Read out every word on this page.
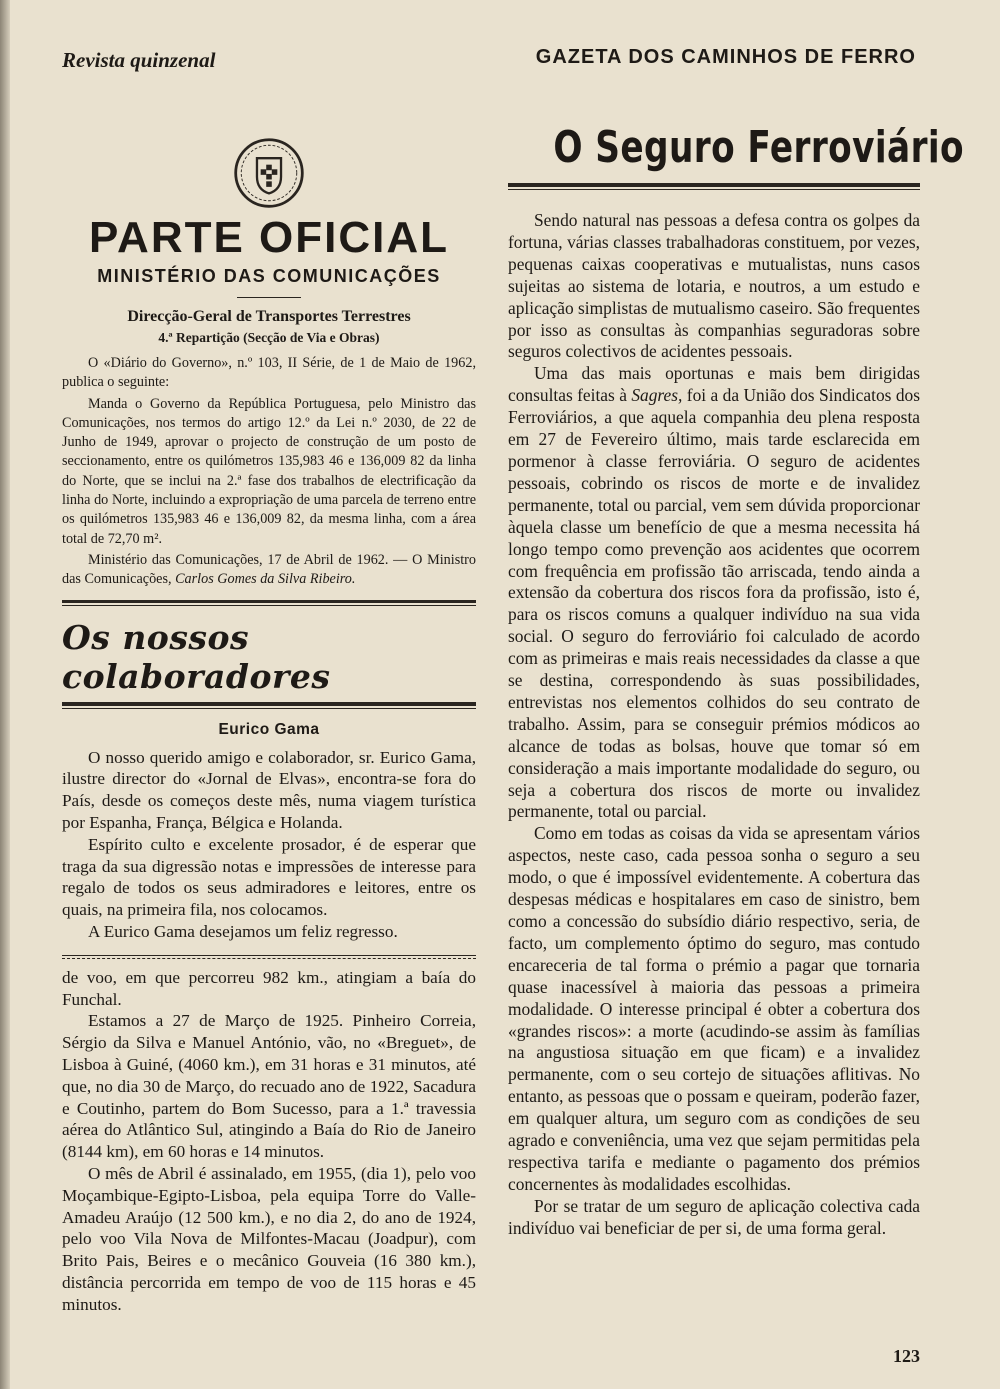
Revista quinzenal	GAZETA DOS CAMINHOS DE FERRO
PARTE OFICIAL
MINISTÉRIO DAS COMUNICAÇÕES
Direcção-Geral de Transportes Terrestres
4.ª Repartição (Secção de Via e Obras)

O «Diário do Governo», n.º 103, II Série, de 1 de Maio de 1962, publica o seguinte:

Manda o Governo da República Portuguesa, pelo Ministro das Comunicações, nos termos do artigo 12.º da Lei n.º 2030, de 22 de Junho de 1949, aprovar o projecto de construção de um posto de seccionamento, entre os quilómetros 135,983 46 e 136,009 82 da linha do Norte, que se inclui na 2.ª fase dos trabalhos de electrificação da linha do Norte, incluindo a expropriação de uma parcela de terreno entre os quilómetros 135,983 46 e 136,009 82, da mesma linha, com a área total de 72,70 m².

Ministério das Comunicações, 17 de Abril de 1962. — O Ministro das Comunicações, Carlos Gomes da Silva Ribeiro.

Os nossos colaboradores
Eurico Gama

O nosso querido amigo e colaborador, sr. Eurico Gama, ilustre director do «Jornal de Elvas», encontra-se fora do País, desde os começos deste mês, numa viagem turística por Espanha, França, Bélgica e Holanda.

Espírito culto e excelente prosador, é de esperar que traga da sua digressão notas e impressões de interesse para regalo de todos os seus admiradores e leitores, entre os quais, na primeira fila, nos colocamos.

A Eurico Gama desejamos um feliz regresso.

de voo, em que percorreu 982 km., atingiam a baía do Funchal.

Estamos a 27 de Março de 1925. Pinheiro Correia, Sérgio da Silva e Manuel António, vão, no «Breguet», de Lisboa à Guiné, (4060 km.), em 31 horas e 31 minutos, até que, no dia 30 de Março, do recuado ano de 1922, Sacadura e Coutinho, partem do Bom Sucesso, para a 1.ª travessia aérea do Atlântico Sul, atingindo a Baía do Rio de Janeiro (8144 km), em 60 horas e 14 minutos.

O mês de Abril é assinalado, em 1955, (dia 1), pelo voo Moçambique-Egipto-Lisboa, pela equipa Torre do Valle-Amadeu Araújo (12 500 km.), e no dia 2, do ano de 1924, pelo voo Vila Nova de Milfontes-Macau (Joadpur), com Brito Pais, Beires e o mecânico Gouveia (16 380 km.), distância percorrida em tempo de voo de 115 horas e 45 minutos.

O Seguro Ferroviário

Sendo natural nas pessoas a defesa contra os golpes da fortuna, várias classes trabalhadoras constituem, por vezes, pequenas caixas cooperativas e mutualistas, nuns casos sujeitas ao sistema de lotaria, e noutros, a um estudo e aplicação simplistas de mutualismo caseiro. São frequentes por isso as consultas às companhias seguradoras sobre seguros colectivos de acidentes pessoais.

Uma das mais oportunas e mais bem dirigidas consultas feitas à Sagres, foi a da União dos Sindicatos dos Ferroviários, a que aquela companhia deu plena resposta em 27 de Fevereiro último, mais tarde esclarecida em pormenor à classe ferroviária. O seguro de acidentes pessoais, cobrindo os riscos de morte e de invalidez permanente, total ou parcial, vem sem dúvida proporcionar àquela classe um benefício de que a mesma necessita há longo tempo como prevenção aos acidentes que ocorrem com frequência em profissão tão arriscada, tendo ainda a extensão da cobertura dos riscos fora da profissão, isto é, para os riscos comuns a qualquer indivíduo na sua vida social. O seguro do ferroviário foi calculado de acordo com as primeiras e mais reais necessidades da classe a que se destina, correspondendo às suas possibilidades, entrevistas nos elementos colhidos do seu contrato de trabalho. Assim, para se conseguir prémios módicos ao alcance de todas as bolsas, houve que tomar só em consideração a mais importante modalidade do seguro, ou seja a cobertura dos riscos de morte ou invalidez permanente, total ou parcial.

Como em todas as coisas da vida se apresentam vários aspectos, neste caso, cada pessoa sonha o seguro a seu modo, o que é impossível evidentemente. A cobertura das despesas médicas e hospitalares em caso de sinistro, bem como a concessão do subsídio diário respectivo, seria, de facto, um complemento óptimo do seguro, mas contudo encareceria de tal forma o prémio a pagar que tornaria quase inacessível à maioria das pessoas a primeira modalidade. O interesse principal é obter a cobertura dos «grandes riscos»: a morte (acudindo-se assim às famílias na angustiosa situação em que ficam) e a invalidez permanente, com o seu cortejo de situações aflitivas. No entanto, as pessoas que o possam e queiram, poderão fazer, em qualquer altura, um seguro com as condições de seu agrado e conveniência, uma vez que sejam permitidas pela respectiva tarifa e mediante o pagamento dos prémios concernentes às modalidades escolhidas.

Por se tratar de um seguro de aplicação colectiva cada indivíduo vai beneficiar de per si, de uma forma geral.

123
